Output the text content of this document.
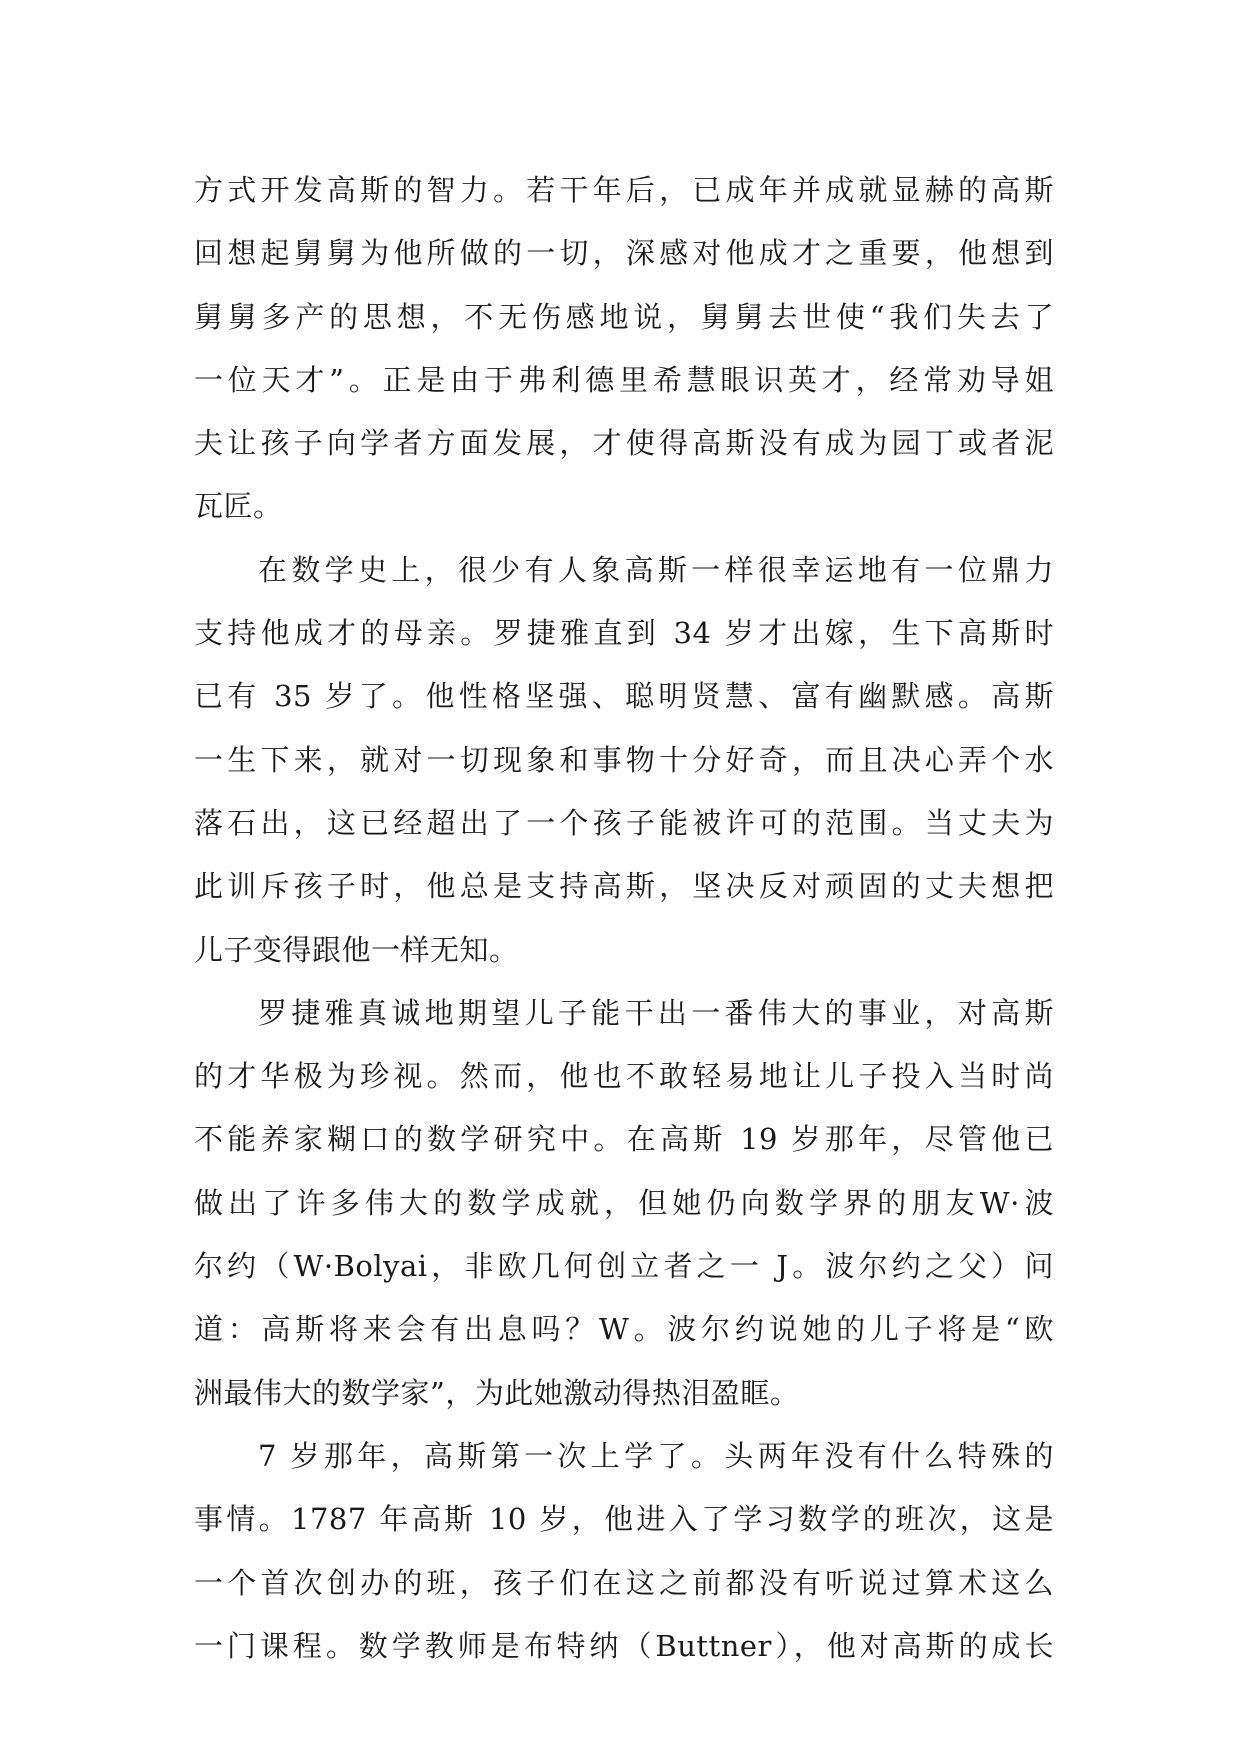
方式开发高斯的智力。若干年后，已成年并成就显赫的高斯
回想起舅舅为他所做的一切，深感对他成才之重要，他想到
舅舅多产的思想，不无伤感地说，舅舅去世使“我们失去了
一位天才”。正是由于弗利德里希慧眼识英才，经常劝导姐
夫让孩子向学者方面发展，才使得高斯没有成为园丁或者泥
瓦匠。
在数学史上，很少有人象高斯一样很幸运地有一位鼎力
支持他成才的母亲。罗捷雅直到 34 岁才出嫁，生下高斯时
已有 35 岁了。他性格坚强、聪明贤慧、富有幽默感。高斯
一生下来，就对一切现象和事物十分好奇，而且决心弄个水
落石出，这已经超出了一个孩子能被许可的范围。当丈夫为
此训斥孩子时，他总是支持高斯，坚决反对顽固的丈夫想把
儿子变得跟他一样无知。
罗捷雅真诚地期望儿子能干出一番伟大的事业，对高斯
的才华极为珍视。然而，他也不敢轻易地让儿子投入当时尚
不能养家糊口的数学研究中。在高斯 19 岁那年，尽管他已
做出了许多伟大的数学成就，但她仍向数学界的朋友W·波
尔约（W·Bolyai，非欧几何创立者之一 J。波尔约之父）问
道：高斯将来会有出息吗？W。波尔约说她的儿子将是“欧
洲最伟大的数学家”，为此她激动得热泪盈眶。
7 岁那年，高斯第一次上学了。头两年没有什么特殊的
事情。1787 年高斯 10 岁，他进入了学习数学的班次，这是
一个首次创办的班，孩子们在这之前都没有听说过算术这么
一门课程。数学教师是布特纳（Buttner），他对高斯的成长
